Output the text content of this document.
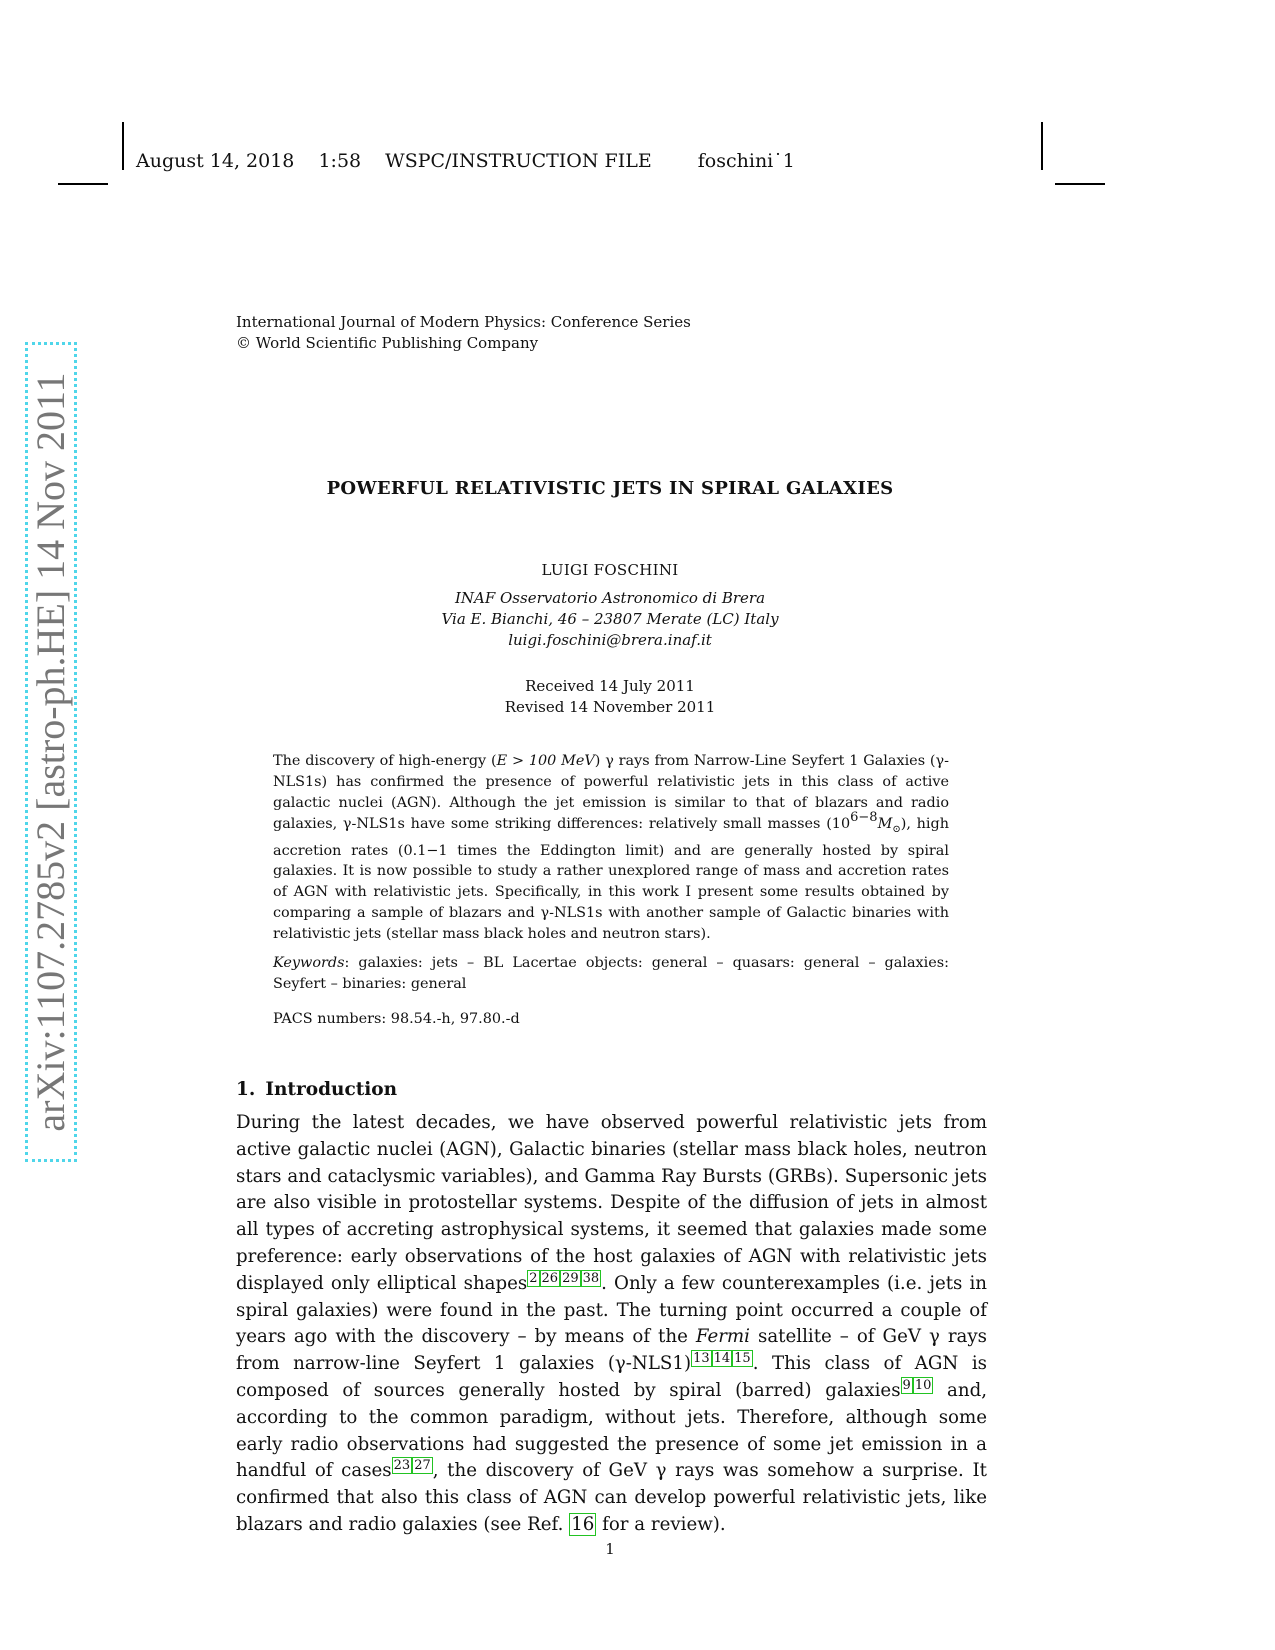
August 14, 2018 1:58 WSPC/INSTRUCTION FILE foschini˙1
arXiv:1107.2785v2 [astro-ph.HE] 14 Nov 2011
International Journal of Modern Physics: Conference Series
© World Scientific Publishing Company
POWERFUL RELATIVISTIC JETS IN SPIRAL GALAXIES
LUIGI FOSCHINI
INAF Osservatorio Astronomico di Brera
Via E. Bianchi, 46 – 23807 Merate (LC) Italy
luigi.foschini@brera.inaf.it
Received 14 July 2011
Revised 14 November 2011

The discovery of high-energy (E > 100 MeV) γ rays from Narrow-Line Seyfert 1 Galaxies (γ-NLS1s) has confirmed the presence of powerful relativistic jets in this class of active galactic nuclei (AGN). Although the jet emission is similar to that of blazars and radio galaxies, γ-NLS1s have some striking differences: relatively small masses $(10^{6-8}M_⊙)$, high accretion rates (0.1−1 times the Eddington limit) and are generally hosted by spiral galaxies. It is now possible to study a rather unexplored range of mass and accretion rates of AGN with relativistic jets. Specifically, in this work I present some results obtained by comparing a sample of blazars and γ-NLS1s with another sample of Galactic binaries with relativistic jets (stellar mass black holes and neutron stars).

Keywords: galaxies: jets – BL Lacertae objects: general – quasars: general – galaxies: Seyfert – binaries: general
PACS numbers: 98.54.-h, 97.80.-d
1. Introduction

During the latest decades, we have observed powerful relativistic jets from active galactic nuclei (AGN), Galactic binaries (stellar mass black holes, neutron stars and cataclysmic variables), and Gamma Ray Bursts (GRBs). Supersonic jets are also visible in protostellar systems. Despite of the diffusion of jets in almost all types of accreting astrophysical systems, it seemed that galaxies made some preference: early observations of the host galaxies of AGN with relativistic jets displayed only elliptical shapes $^{2 26 29 38}$ . Only a few counterexamples (i.e. jets in spiral galaxies) were found in the past. The turning point occurred a couple of years ago with the discovery – by means of the Fermi satellite – of GeV γ rays from narrow-line Seyfert 1 galaxies (γ-NLS1) $^{13 14 15}$ . This class of AGN is composed of sources generally hosted by spiral (barred) galaxies $^{9 10}$ and, according to the common paradigm, without jets. Therefore, although some early radio observations had suggested the presence of some jet emission in a handful of cases $^{23 27}$ , the discovery of GeV γ rays was somehow a surprise. It confirmed that also this class of AGN can develop powerful relativistic jets, like blazars and radio galaxies (see Ref. 16 for a review).

1
